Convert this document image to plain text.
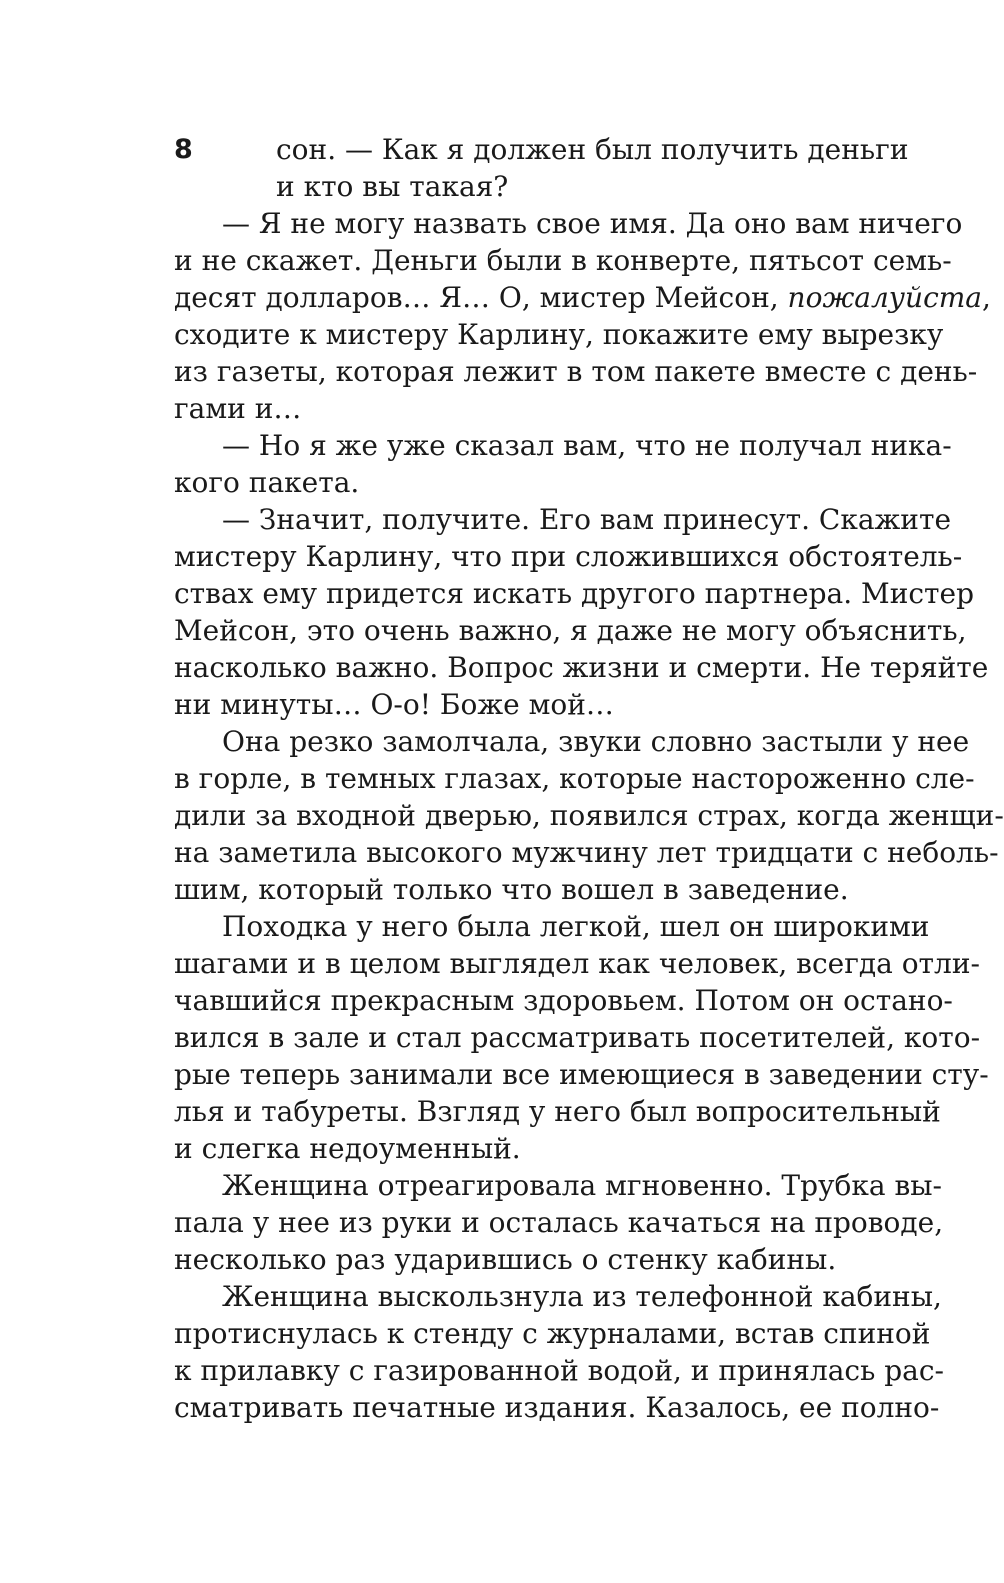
8	сон. — Как я должен был получить деньги
и кто вы такая?
— Я не могу назвать свое имя. Да оно вам ничего
и не скажет. Деньги были в конверте, пятьсот семь-
десят долларов… Я… О, мистер Мейсон, пожалуйста,
сходите к мистеру Карлину, покажите ему вырезку
из газеты, которая лежит в том пакете вместе с день-
гами и…
— Но я же уже сказал вам, что не получал ника-
кого пакета.
— Значит, получите. Его вам принесут. Скажите
мистеру Карлину, что при сложившихся обстоятель-
ствах ему придется искать другого партнера. Мистер
Мейсон, это очень важно, я даже не могу объяснить,
насколько важно. Вопрос жизни и смерти. Не теряйте
ни минуты… О-о! Боже мой…
Она резко замолчала, звуки словно застыли у нее
в горле, в темных глазах, которые настороженно сле-
дили за входной дверью, появился страх, когда женщи-
на заметила высокого мужчину лет тридцати с неболь-
шим, который только что вошел в заведение.
Походка у него была легкой, шел он широкими
шагами и в целом выглядел как человек, всегда отли-
чавшийся прекрасным здоровьем. Потом он остано-
вился в зале и стал рассматривать посетителей, кото-
рые теперь занимали все имеющиеся в заведении сту-
лья и табуреты. Взгляд у него был вопросительный
и слегка недоуменный.
Женщина отреагировала мгновенно. Трубка вы-
пала у нее из руки и осталась качаться на проводе,
несколько раз ударившись о стенку кабины.
Женщина выскользнула из телефонной кабины,
протиснулась к стенду с журналами, встав спиной
к прилавку с газированной водой, и принялась рас-
сматривать печатные издания. Казалось, ее полно-
